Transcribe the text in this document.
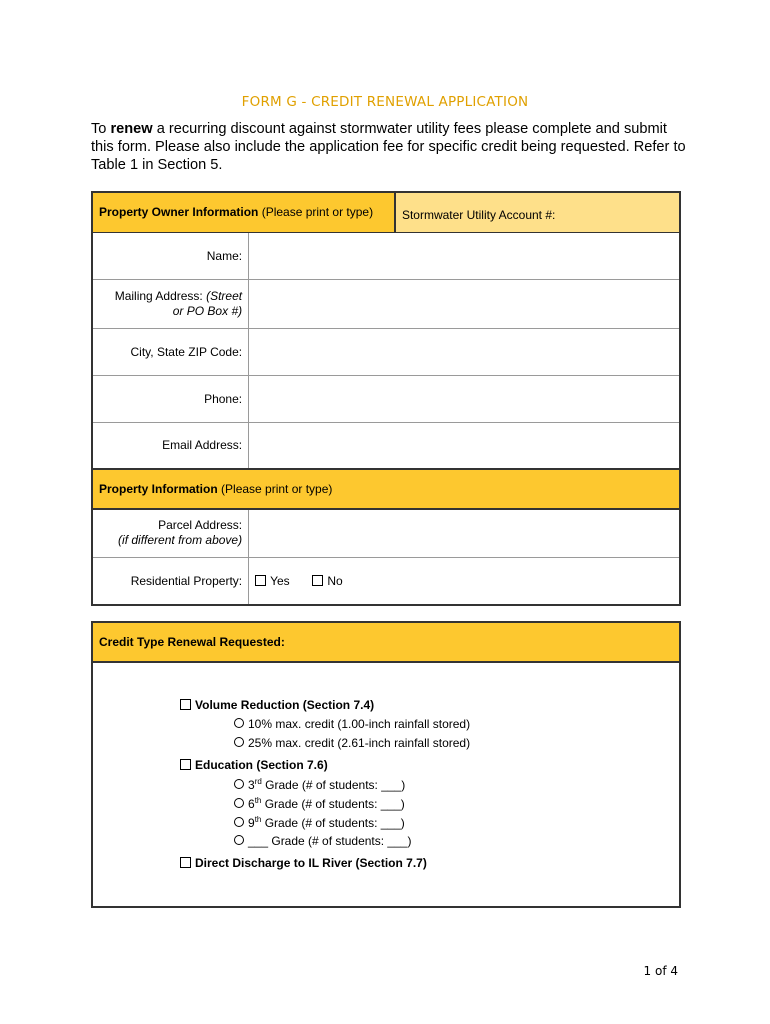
FORM G - CREDIT RENEWAL APPLICATION
To renew a recurring discount against stormwater utility fees please complete and submit this form. Please also include the application fee for specific credit being requested. Refer to Table 1 in Section 5.
Property Owner Information (Please print or type)		Stormwater Utility Account #:
Name:		
Mailing Address: (Street
or PO Box #)		
City, State ZIP Code:		
Phone:		
Email Address:		
Property Information (Please print or type)		
Parcel Address:
(if different from above)		
Residential Property:	Yes No	
Credit Type Renewal Requested:

Volume Reduction (Section 7.4)
10% max. credit (1.00-inch rainfall stored)
25% max. credit (2.61-inch rainfall stored)
Education (Section 7.6)
3rd Grade (# of students: ___)
6th Grade (# of students: ___)
9th Grade (# of students: ___)
___ Grade (# of students: ___)
Direct Discharge to IL River (Section 7.7)
1 of 4
